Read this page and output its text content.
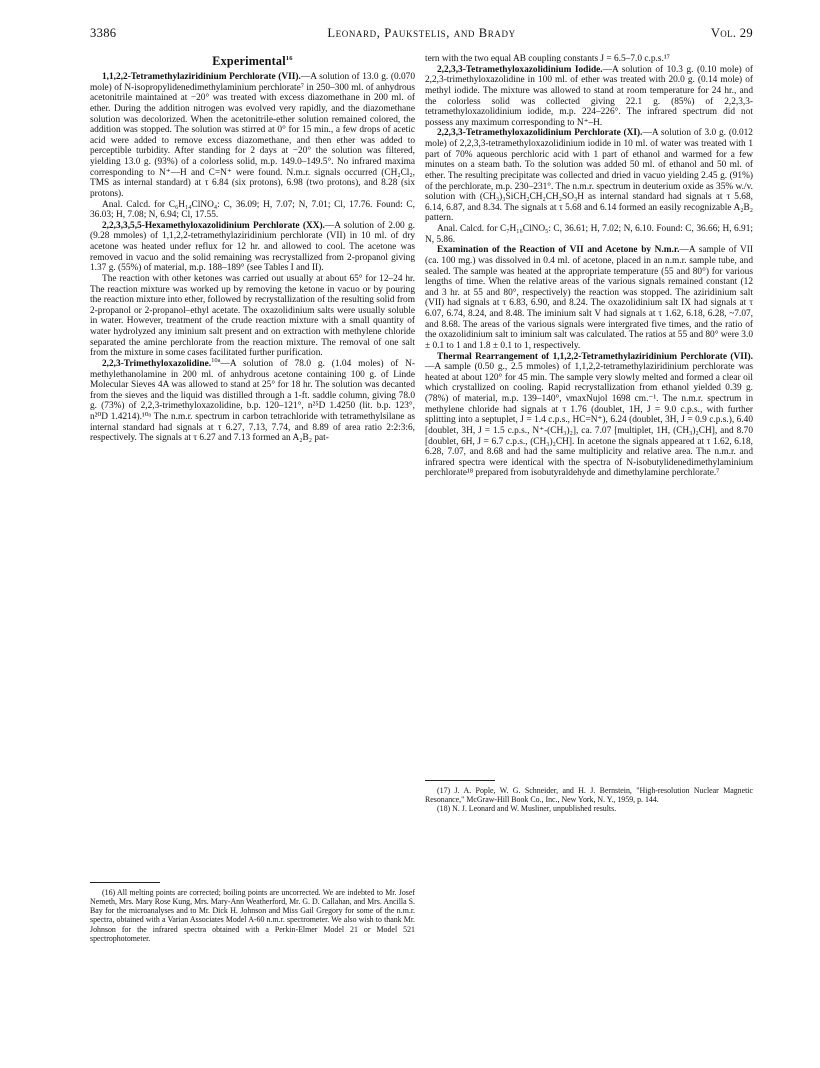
3386	Leonard, Paukstelis, and Brady	Vol. 29
Experimental$^{16}$

1,1,2,2-Tetramethylaziridinium Perchlorate (VII).—A solution of 13.0 g. (0.070 mole) of N-isopropylidenedimethylaminium perchlorate⁷ in 250–300 ml. of anhydrous acetonitrile maintained at −20° was treated with excess diazomethane in 200 ml. of ether. During the addition nitrogen was evolved very rapidly, and the diazomethane solution was decolorized. When the acetonitrile-ether solution remained colored, the addition was stopped. The solution was stirred at 0° for 15 min., a few drops of acetic acid were added to remove excess diazomethane, and then ether was added to perceptible turbidity. After standing for 2 days at −20° the solution was filtered, yielding 13.0 g. (93%) of a colorless solid, m.p. 149.0–149.5°. No infrared maxima corresponding to N⁺—H and C=N⁺ were found. N.m.r. signals occurred (CH₂Cl₂, TMS as internal standard) at τ 6.84 (six protons), 6.98 (two protons), and 8.28 (six protons).

Anal. Calcd. for C₆H₁₄ClNO₄: C, 36.09; H, 7.07; N, 7.01; Cl, 17.76. Found: C, 36.03; H, 7.08; N, 6.94; Cl, 17.55.

2,2,3,3,5,5-Hexamethyloxazolidinium Perchlorate (XX).—A solution of 2.00 g. (9.28 mmoles) of 1,1,2,2-tetramethylaziridinium perchlorate (VII) in 10 ml. of dry acetone was heated under reflux for 12 hr. and allowed to cool. The acetone was removed in vacuo and the solid remaining was recrystallized from 2-propanol giving 1.37 g. (55%) of material, m.p. 188–189° (see Tables I and II).

The reaction with other ketones was carried out usually at about 65° for 12–24 hr. The reaction mixture was worked up by removing the ketone in vacuo or by pouring the reaction mixture into ether, followed by recrystallization of the resulting solid from 2-propanol or 2-propanol–ethyl acetate. The oxazolidinium salts were usually soluble in water. However, treatment of the crude reaction mixture with a small quantity of water hydrolyzed any iminium salt present and on extraction with methylene chloride separated the amine perchlorate from the reaction mixture. The removal of one salt from the mixture in some cases facilitated further purification.

2,2,3-Trimethyloxazolidine.$^{10a}$—A solution of 78.0 g. (1.04 moles) of N-methylethanolamine in 200 ml. of anhydrous acetone containing 100 g. of Linde Molecular Sieves 4A was allowed to stand at 25° for 18 hr. The solution was decanted from the sieves and the liquid was distilled through a 1-ft. saddle column, giving 78.0 g. (73%) of 2,2,3-trimethyloxazolidine, b.p. 120–121°, n²⁵D 1.4250 (lit. b.p. 123°, n²⁰D 1.4214).¹⁰ᵃ The n.m.r. spectrum in carbon tetrachloride with tetramethylsilane as internal standard had signals at τ 6.27, 7.13, 7.74, and 8.89 of area ratio 2:2:3:6, respectively. The signals at τ 6.27 and 7.13 formed an A₂B₂ pat-

(16) All melting points are corrected; boiling points are uncorrected. We are indebted to Mr. Josef Nemeth, Mrs. Mary Rose Kung, Mrs. Mary-Ann Weatherford, Mr. G. D. Callahan, and Mrs. Ancilla S. Bay for the microanalyses and to Mr. Dick H. Johnson and Miss Gail Gregory for some of the n.m.r. spectra, obtained with a Varian Associates Model A-60 n.m.r. spectrometer. We also wish to thank Mr. Johnson for the infrared spectra obtained with a Perkin-Elmer Model 21 or Model 521 spectrophotometer.

tern with the two equal AB coupling constants J = 6.5–7.0 c.p.s.¹⁷

2,2,3,3-Tetramethyloxazolidinium Iodide.—A solution of 10.3 g. (0.10 mole) of 2,2,3-trimethyloxazolidine in 100 ml. of ether was treated with 20.0 g. (0.14 mole) of methyl iodide. The mixture was allowed to stand at room temperature for 24 hr., and the colorless solid was collected giving 22.1 g. (85%) of 2,2,3,3-tetramethyloxazolidinium iodide, m.p. 224–226°. The infrared spectrum did not possess any maximum corresponding to N⁺–H.

2,2,3,3-Tetramethyloxazolidinium Perchlorate (XI).—A solution of 3.0 g. (0.012 mole) of 2,2,3,3-tetramethyloxazolidinium iodide in 10 ml. of water was treated with 1 part of 70% aqueous perchloric acid with 1 part of ethanol and warmed for a few minutes on a steam bath. To the solution was added 50 ml. of ethanol and 50 ml. of ether. The resulting precipitate was collected and dried in vacuo yielding 2.45 g. (91%) of the perchlorate, m.p. 230–231°. The n.m.r. spectrum in deuterium oxide as 35% w./v. solution with (CH₃)₃SiCH₂CH₂CH₂SO₃H as internal standard had signals at τ 5.68, 6.14, 6.87, and 8.34. The signals at τ 5.68 and 6.14 formed an easily recognizable A₂B₂ pattern.

Anal. Calcd. for C₇H₁₆ClNO₅: C, 36.61; H, 7.02; N, 6.10. Found: C, 36.66; H, 6.91; N, 5.86.

Examination of the Reaction of VII and Acetone by N.m.r.—A sample of VII (ca. 100 mg.) was dissolved in 0.4 ml. of acetone, placed in an n.m.r. sample tube, and sealed. The sample was heated at the appropriate temperature (55 and 80°) for various lengths of time. When the relative areas of the various signals remained constant (12 and 3 hr. at 55 and 80°, respectively) the reaction was stopped. The aziridinium salt (VII) had signals at τ 6.83, 6.90, and 8.24. The oxazolidinium salt IX had signals at τ 6.07, 6.74, 8.24, and 8.48. The iminium salt V had signals at τ 1.62, 6.18, 6.28, ~7.07, and 8.68. The areas of the various signals were intergrated five times, and the ratio of the oxazolidinium salt to iminium salt was calculated. The ratios at 55 and 80° were 3.0 ± 0.1 to 1 and 1.8 ± 0.1 to 1, respectively.

Thermal Rearrangement of 1,1,2,2-Tetramethylaziridinium Perchlorate (VII).—A sample (0.50 g., 2.5 mmoles) of 1,1,2,2-tetramethylaziridinium perchlorate was heated at about 120° for 45 min. The sample very slowly melted and formed a clear oil which crystallized on cooling. Rapid recrystallization from ethanol yielded 0.39 g. (78%) of material, m.p. 139–140°, νmaxNujol 1698 cm.⁻¹. The n.m.r. spectrum in methylene chloride had signals at τ 1.76 (doublet, 1H, J = 9.0 c.p.s., with further splitting into a septuplet, J = 1.4 c.p.s., HC=N⁺), 6.24 (doublet, 3H, J = 0.9 c.p.s.), 6.40 [doublet, 3H, J = 1.5 c.p.s., N⁺-(CH₃)₂], ca. 7.07 [multiplet, 1H, (CH₃)₂CH], and 8.70 [doublet, 6H, J = 6.7 c.p.s., (CH₃)₂CH]. In acetone the signals appeared at τ 1.62, 6.18, 6.28, 7.07, and 8.68 and had the same multiplicity and relative area. The n.m.r. and infrared spectra were identical with the spectra of N-isobutylidenedimethylaminium perchlorate¹⁸ prepared from isobutyraldehyde and dimethylamine perchlorate.⁷

(17) J. A. Pople, W. G. Schneider, and H. J. Bernstein, "High-resolution Nuclear Magnetic Resonance," McGraw-Hill Book Co., Inc., New York, N. Y., 1959, p. 144.

(18) N. J. Leonard and W. Musliner, unpublished results.
